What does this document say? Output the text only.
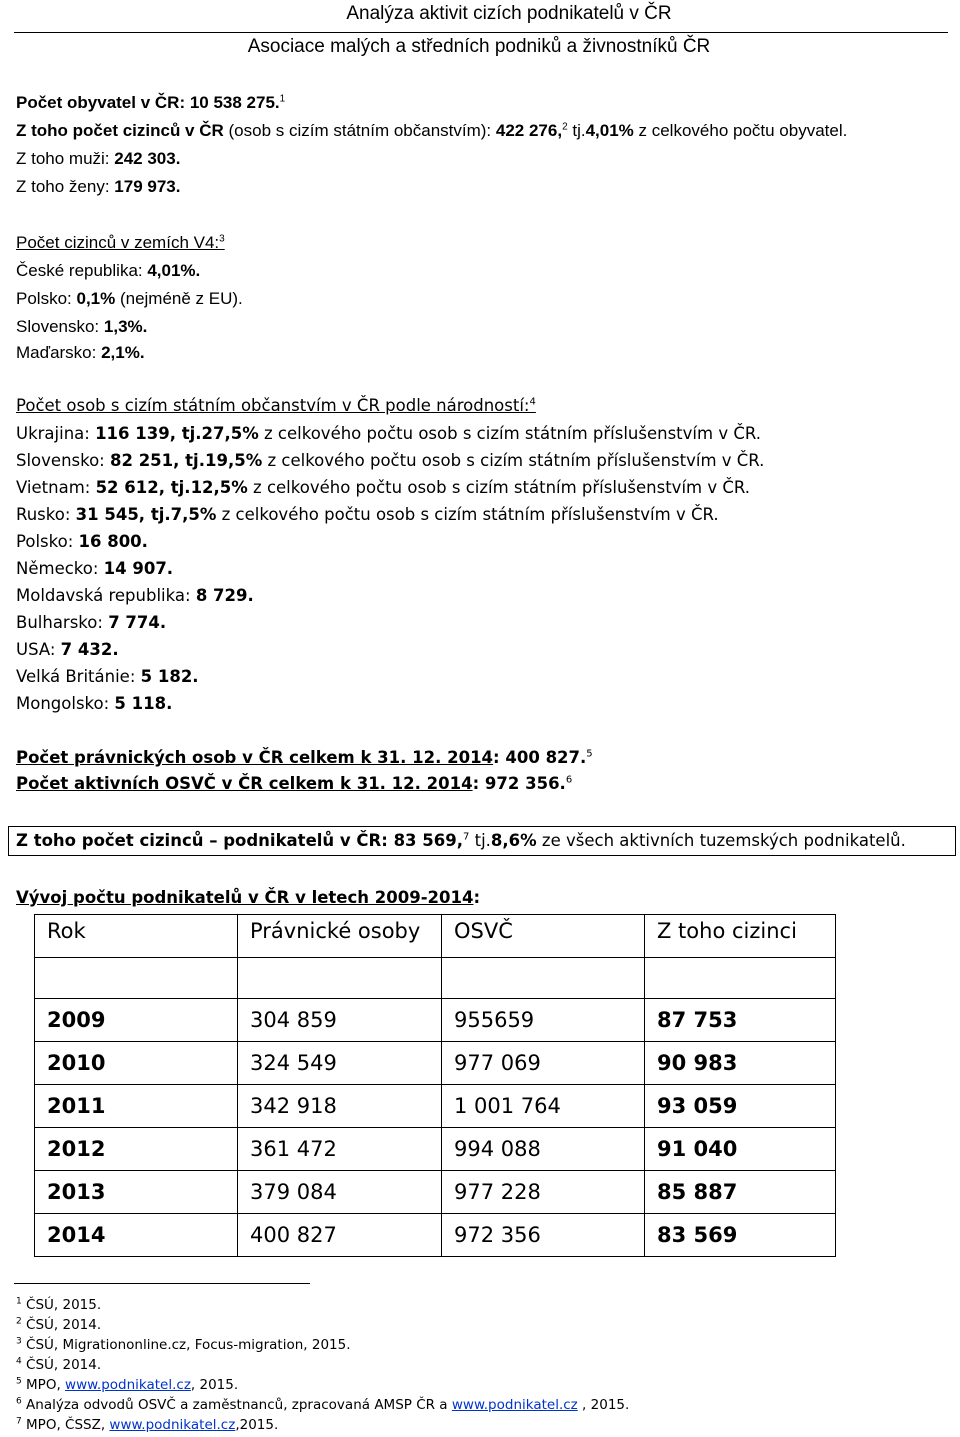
Analýza aktivit cizích podnikatelů v ČR
Asociace malých a středních podniků a živnostníků ČR
Počet obyvatel v ČR: 10 538 275.$^1$
Z toho počet cizinců v ČR (osob s cizím státním občanstvím): 422 276,$^2$ tj.4,01% z celkového počtu obyvatel.
Z toho muži: 242 303.
Z toho ženy: 179 973.
Počet cizinců v zemích V4:$^3$
České republika: 4,01%.
Polsko: 0,1% (nejméně z EU).
Slovensko: 1,3%.
Maďarsko: 2,1%.
Počet osob s cizím státním občanstvím v ČR podle národností:$^4$
Ukrajina: 116 139, tj.27,5% z celkového počtu osob s cizím státním příslušenstvím v ČR.
Slovensko: 82 251, tj.19,5% z celkového počtu osob s cizím státním příslušenstvím v ČR.
Vietnam: 52 612, tj.12,5% z celkového počtu osob s cizím státním příslušenstvím v ČR.
Rusko: 31 545, tj.7,5% z celkového počtu osob s cizím státním příslušenstvím v ČR.
Polsko: 16 800.
Německo: 14 907.
Moldavská republika: 8 729.
Bulharsko: 7 774.
USA: 7 432.
Velká Británie: 5 182.
Mongolsko: 5 118.
Počet právnických osob v ČR celkem k 31. 12. 2014: 400 827.$^5$
Počet aktivních OSVČ v ČR celkem k 31. 12. 2014: 972 356.$^6$
Z toho počet cizinců – podnikatelů v ČR: 83 569,$^7$ tj.8,6% ze všech aktivních tuzemských podnikatelů.
Vývoj počtu podnikatelů v ČR v letech 2009-2014:
Rok	Právnické osoby	OSVČ	Z toho cizinci

2009	304 859	955659	87 753
2010	324 549	977 069	90 983
2011	342 918	1 001 764	93 059
2012	361 472	994 088	91 040
2013	379 084	977 228	85 887
2014	400 827	972 356	83 569
$^1$ ČSÚ, 2015.
$^2$ ČSÚ, 2014.
$^3$ ČSÚ, Migrationonline.cz, Focus-migration, 2015.
$^4$ ČSÚ, 2014.
$^5$ MPO, www.podnikatel.cz, 2015.
$^6$ Analýza odvodů OSVČ a zaměstnanců, zpracovaná AMSP ČR a www.podnikatel.cz , 2015.
$^7$ MPO, ČSSZ, www.podnikatel.cz,2015.
